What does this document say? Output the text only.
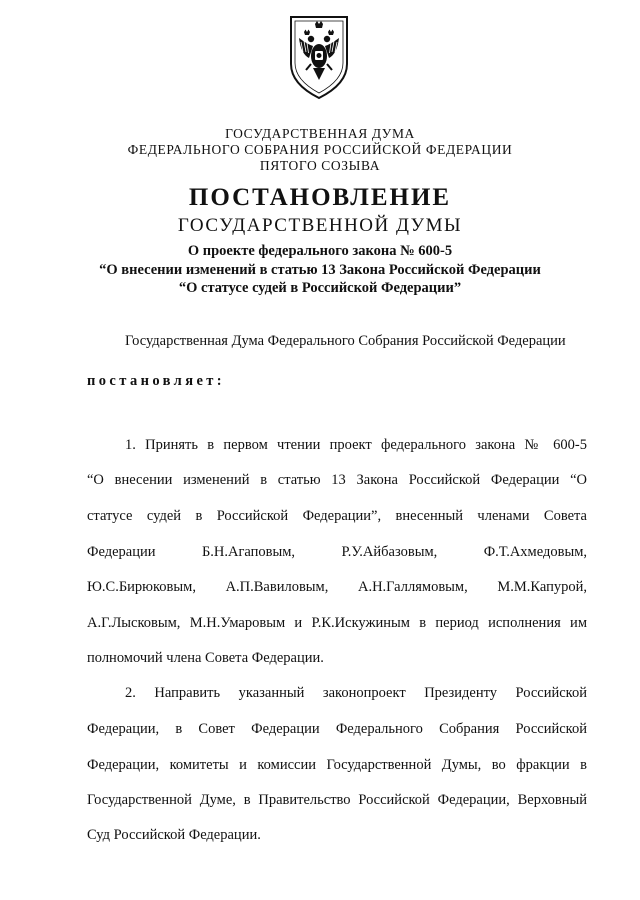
ГОСУДАРСТВЕННАЯ ДУМА
ФЕДЕРАЛЬНОГО СОБРАНИЯ РОССИЙСКОЙ ФЕДЕРАЦИИ
ПЯТОГО СОЗЫВА
ПОСТАНОВЛЕНИЕ
ГОСУДАРСТВЕННОЙ ДУМЫ
О проекте федерального закона № 600-5
“О внесении изменений в статью 13 Закона Российской Федерации
“О статусе судей в Российской Федерации”
Государственная Дума Федерального Собрания Российской Федерации
постановляет:
1. Принять в первом чтении проект федерального закона № 600-5
“О внесении изменений в статью 13 Закона Российской Федерации “О
статусе судей в Российской Федерации”, внесенный членами Совета
Федерации Б.Н.Агаповым, Р.У.Айбазовым, Ф.Т.Ахмедовым,
Ю.С.Бирюковым, А.П.Вавиловым, А.Н.Галлямовым, М.М.Капурой,
А.Г.Лысковым, М.Н.Умаровым и Р.К.Искужиным в период исполнения им
полномочий члена Совета Федерации.
2. Направить указанный законопроект Президенту Российской
Федерации, в Совет Федерации Федерального Собрания Российской
Федерации, комитеты и комиссии Государственной Думы, во фракции в
Государственной Думе, в Правительство Российской Федерации, Верховный
Суд Российской Федерации.
